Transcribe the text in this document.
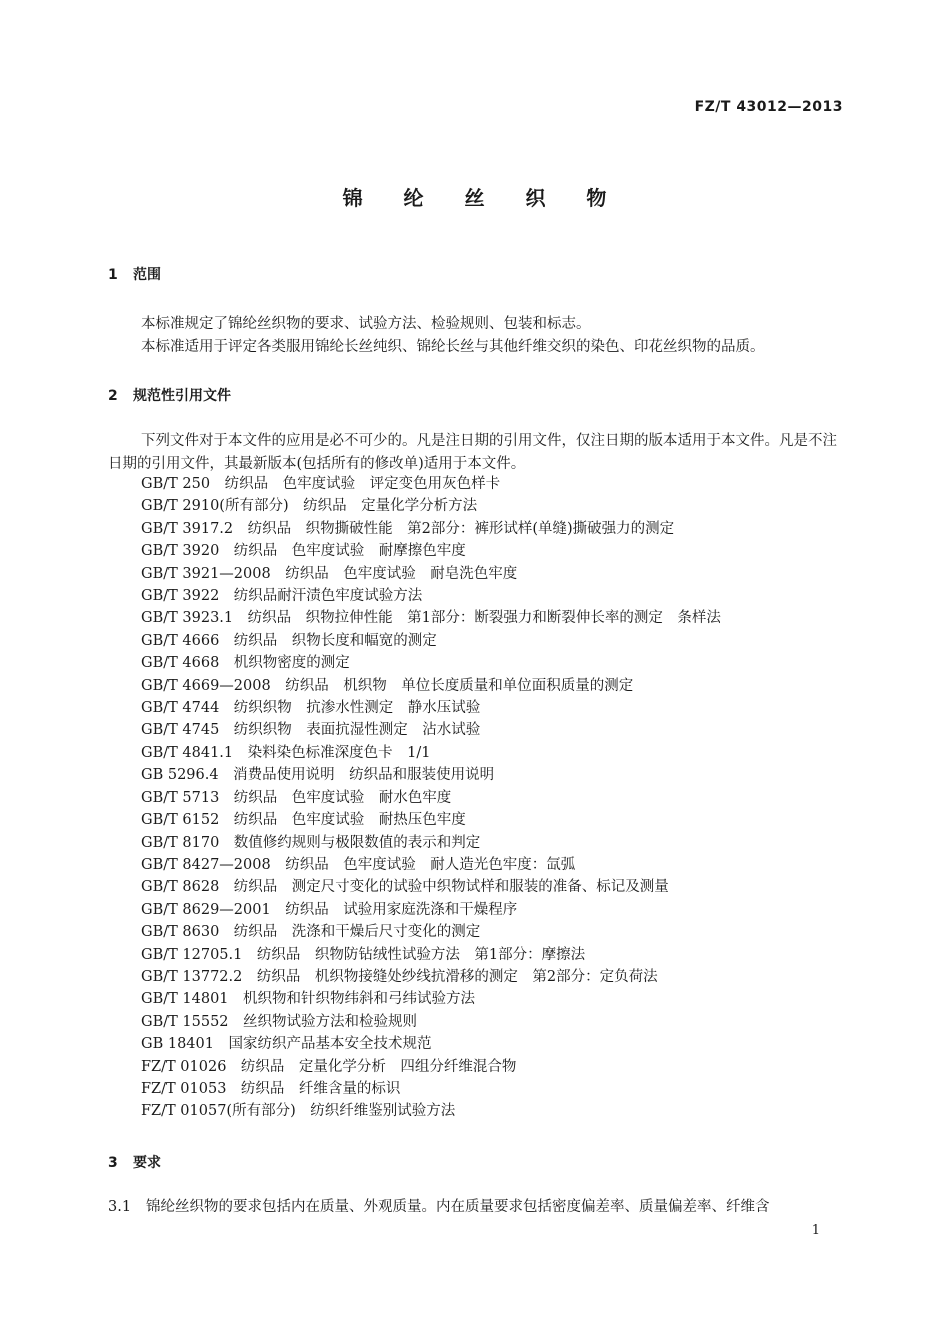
FZ/T 43012—2013
锦 纶 丝 织 物
1 范围
本标准规定了锦纶丝织物的要求、试验方法、检验规则、包装和标志。
本标准适用于评定各类服用锦纶长丝纯织、锦纶长丝与其他纤维交织的染色、印花丝织物的品质。
2 规范性引用文件
下列文件对于本文件的应用是必不可少的。凡是注日期的引用文件，仅注日期的版本适用于本文件。凡是不注日期的引用文件，其最新版本(包括所有的修改单)适用于本文件。
GB/T 250　纺织品　色牢度试验　评定变色用灰色样卡
GB/T 2910(所有部分)　纺织品　定量化学分析方法
GB/T 3917.2　纺织品　织物撕破性能　第2部分：裤形试样(单缝)撕破强力的测定
GB/T 3920　纺织品　色牢度试验　耐摩擦色牢度
GB/T 3921—2008　纺织品　色牢度试验　耐皂洗色牢度
GB/T 3922　纺织品耐汗渍色牢度试验方法
GB/T 3923.1　纺织品　织物拉伸性能　第1部分：断裂强力和断裂伸长率的测定　条样法
GB/T 4666　纺织品　织物长度和幅宽的测定
GB/T 4668　机织物密度的测定
GB/T 4669—2008　纺织品　机织物　单位长度质量和单位面积质量的测定
GB/T 4744　纺织织物　抗渗水性测定　静水压试验
GB/T 4745　纺织织物　表面抗湿性测定　沾水试验
GB/T 4841.1　染料染色标准深度色卡　1/1
GB 5296.4　消费品使用说明　纺织品和服装使用说明
GB/T 5713　纺织品　色牢度试验　耐水色牢度
GB/T 6152　纺织品　色牢度试验　耐热压色牢度
GB/T 8170　数值修约规则与极限数值的表示和判定
GB/T 8427—2008　纺织品　色牢度试验　耐人造光色牢度：氙弧
GB/T 8628　纺织品　测定尺寸变化的试验中织物试样和服装的准备、标记及测量
GB/T 8629—2001　纺织品　试验用家庭洗涤和干燥程序
GB/T 8630　纺织品　洗涤和干燥后尺寸变化的测定
GB/T 12705.1　纺织品　织物防钻绒性试验方法　第1部分：摩擦法
GB/T 13772.2　纺织品　机织物接缝处纱线抗滑移的测定　第2部分：定负荷法
GB/T 14801　机织物和针织物纬斜和弓纬试验方法
GB/T 15552　丝织物试验方法和检验规则
GB 18401　国家纺织产品基本安全技术规范
FZ/T 01026　纺织品　定量化学分析　四组分纤维混合物
FZ/T 01053　纺织品　纤维含量的标识
FZ/T 01057(所有部分)　纺织纤维鉴别试验方法
3 要求
3.1 锦纶丝织物的要求包括内在质量、外观质量。内在质量要求包括密度偏差率、质量偏差率、纤维含
1
